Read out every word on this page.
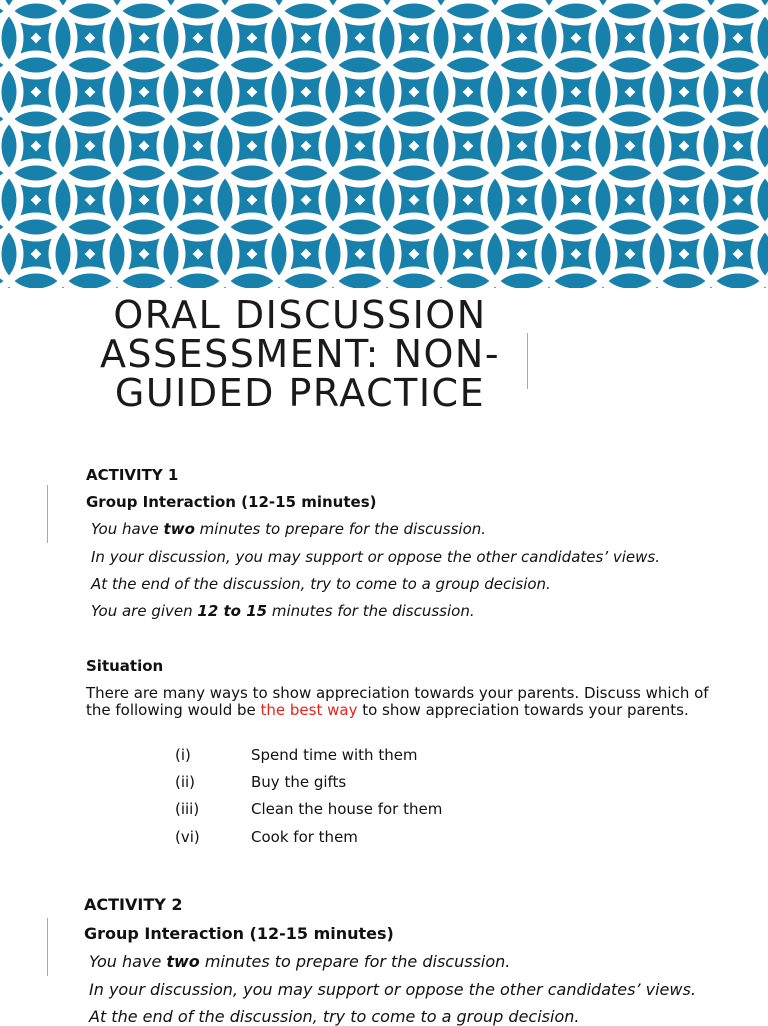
ORAL DISCUSSION
ASSESSMENT: NON-
GUIDED PRACTICE
ACTIVITY 1
Group Interaction (12-15 minutes)
You have two minutes to prepare for the discussion.
In your discussion, you may support or oppose the other candidates’ views.
At the end of the discussion, try to come to a group decision.
You are given 12 to 15 minutes for the discussion.
Situation
There are many ways to show appreciation towards your parents. Discuss which of the following would be the best way to show appreciation towards your parents.
(i)	Spend time with them
(ii)	Buy the gifts
(iii)	Clean the house for them
(vi)	Cook for them
ACTIVITY 2
Group Interaction (12-15 minutes)
You have two minutes to prepare for the discussion.
In your discussion, you may support or oppose the other candidates’ views.
At the end of the discussion, try to come to a group decision.
